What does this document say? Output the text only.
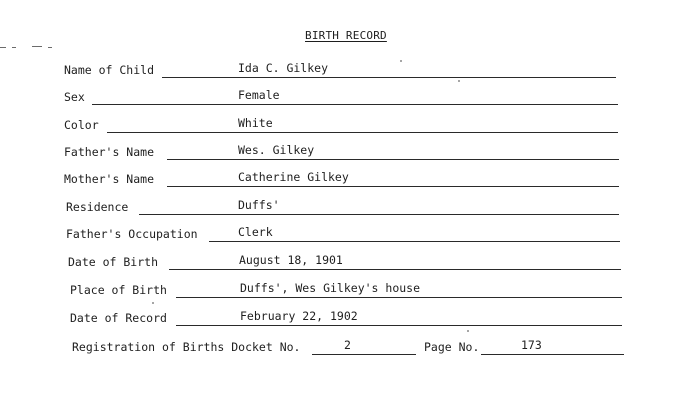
BIRTH RECORD
Name of Child	Ida C. Gilkey
Sex	Female
Color	White
Father's Name	Wes. Gilkey
Mother's Name	Catherine Gilkey
Residence	Duffs'
Father's Occupation	Clerk
Date of Birth	August 18, 1901
Place of Birth	Duffs', Wes Gilkey's house
Date of Record	February 22, 1902
Registration of Births Docket No.	2	Page No.	173
